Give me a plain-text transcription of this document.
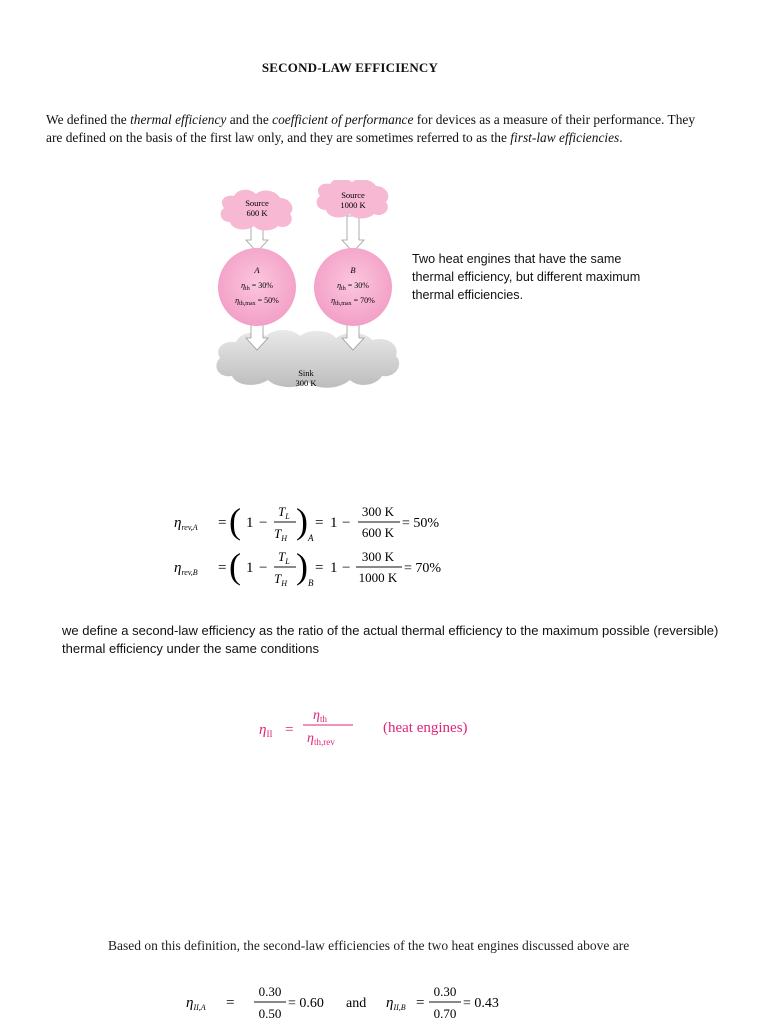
SECOND-LAW EFFICIENCY
We defined the thermal efficiency and the coefficient of performance for devices as a measure of their performance. They are defined on the basis of the first law only, and they are sometimes referred to as the first-law efficiencies.
Sink
300 K
Source
600 K
Source
1000 K
A
$\eta_{th} = 30\%$
$\eta_{th,max} = 50\%$
B
$\eta_{th} = 30\%$
$\eta_{th,max} = 70\%$
Two heat engines that have the same thermal efficiency, but different maximum thermal efficiencies.
$\eta_{rev,A}$ = ( 1 −
$T_L$
$T_H$ ) A
= 1 −
300 K
600 K
= 50%
$\eta_{rev,B}$ = ( 1 −
$T_L$
$T_H$ ) B
= 1 −
300 K
1000 K
= 70%
we define a second-law efficiency as the ratio of the actual thermal efficiency to the maximum possible (reversible) thermal efficiency under the same conditions
$\eta_{II}$ =
$\eta_{th}$
$\eta_{th,rev}$
(heat engines)
Based on this definition, the second-law efficiencies of the two heat engines discussed above are
$\eta_{II,A}$ =
0.30
0.50
= 0.60 and $\eta_{II,B}$ =
0.30
0.70
= 0.43
